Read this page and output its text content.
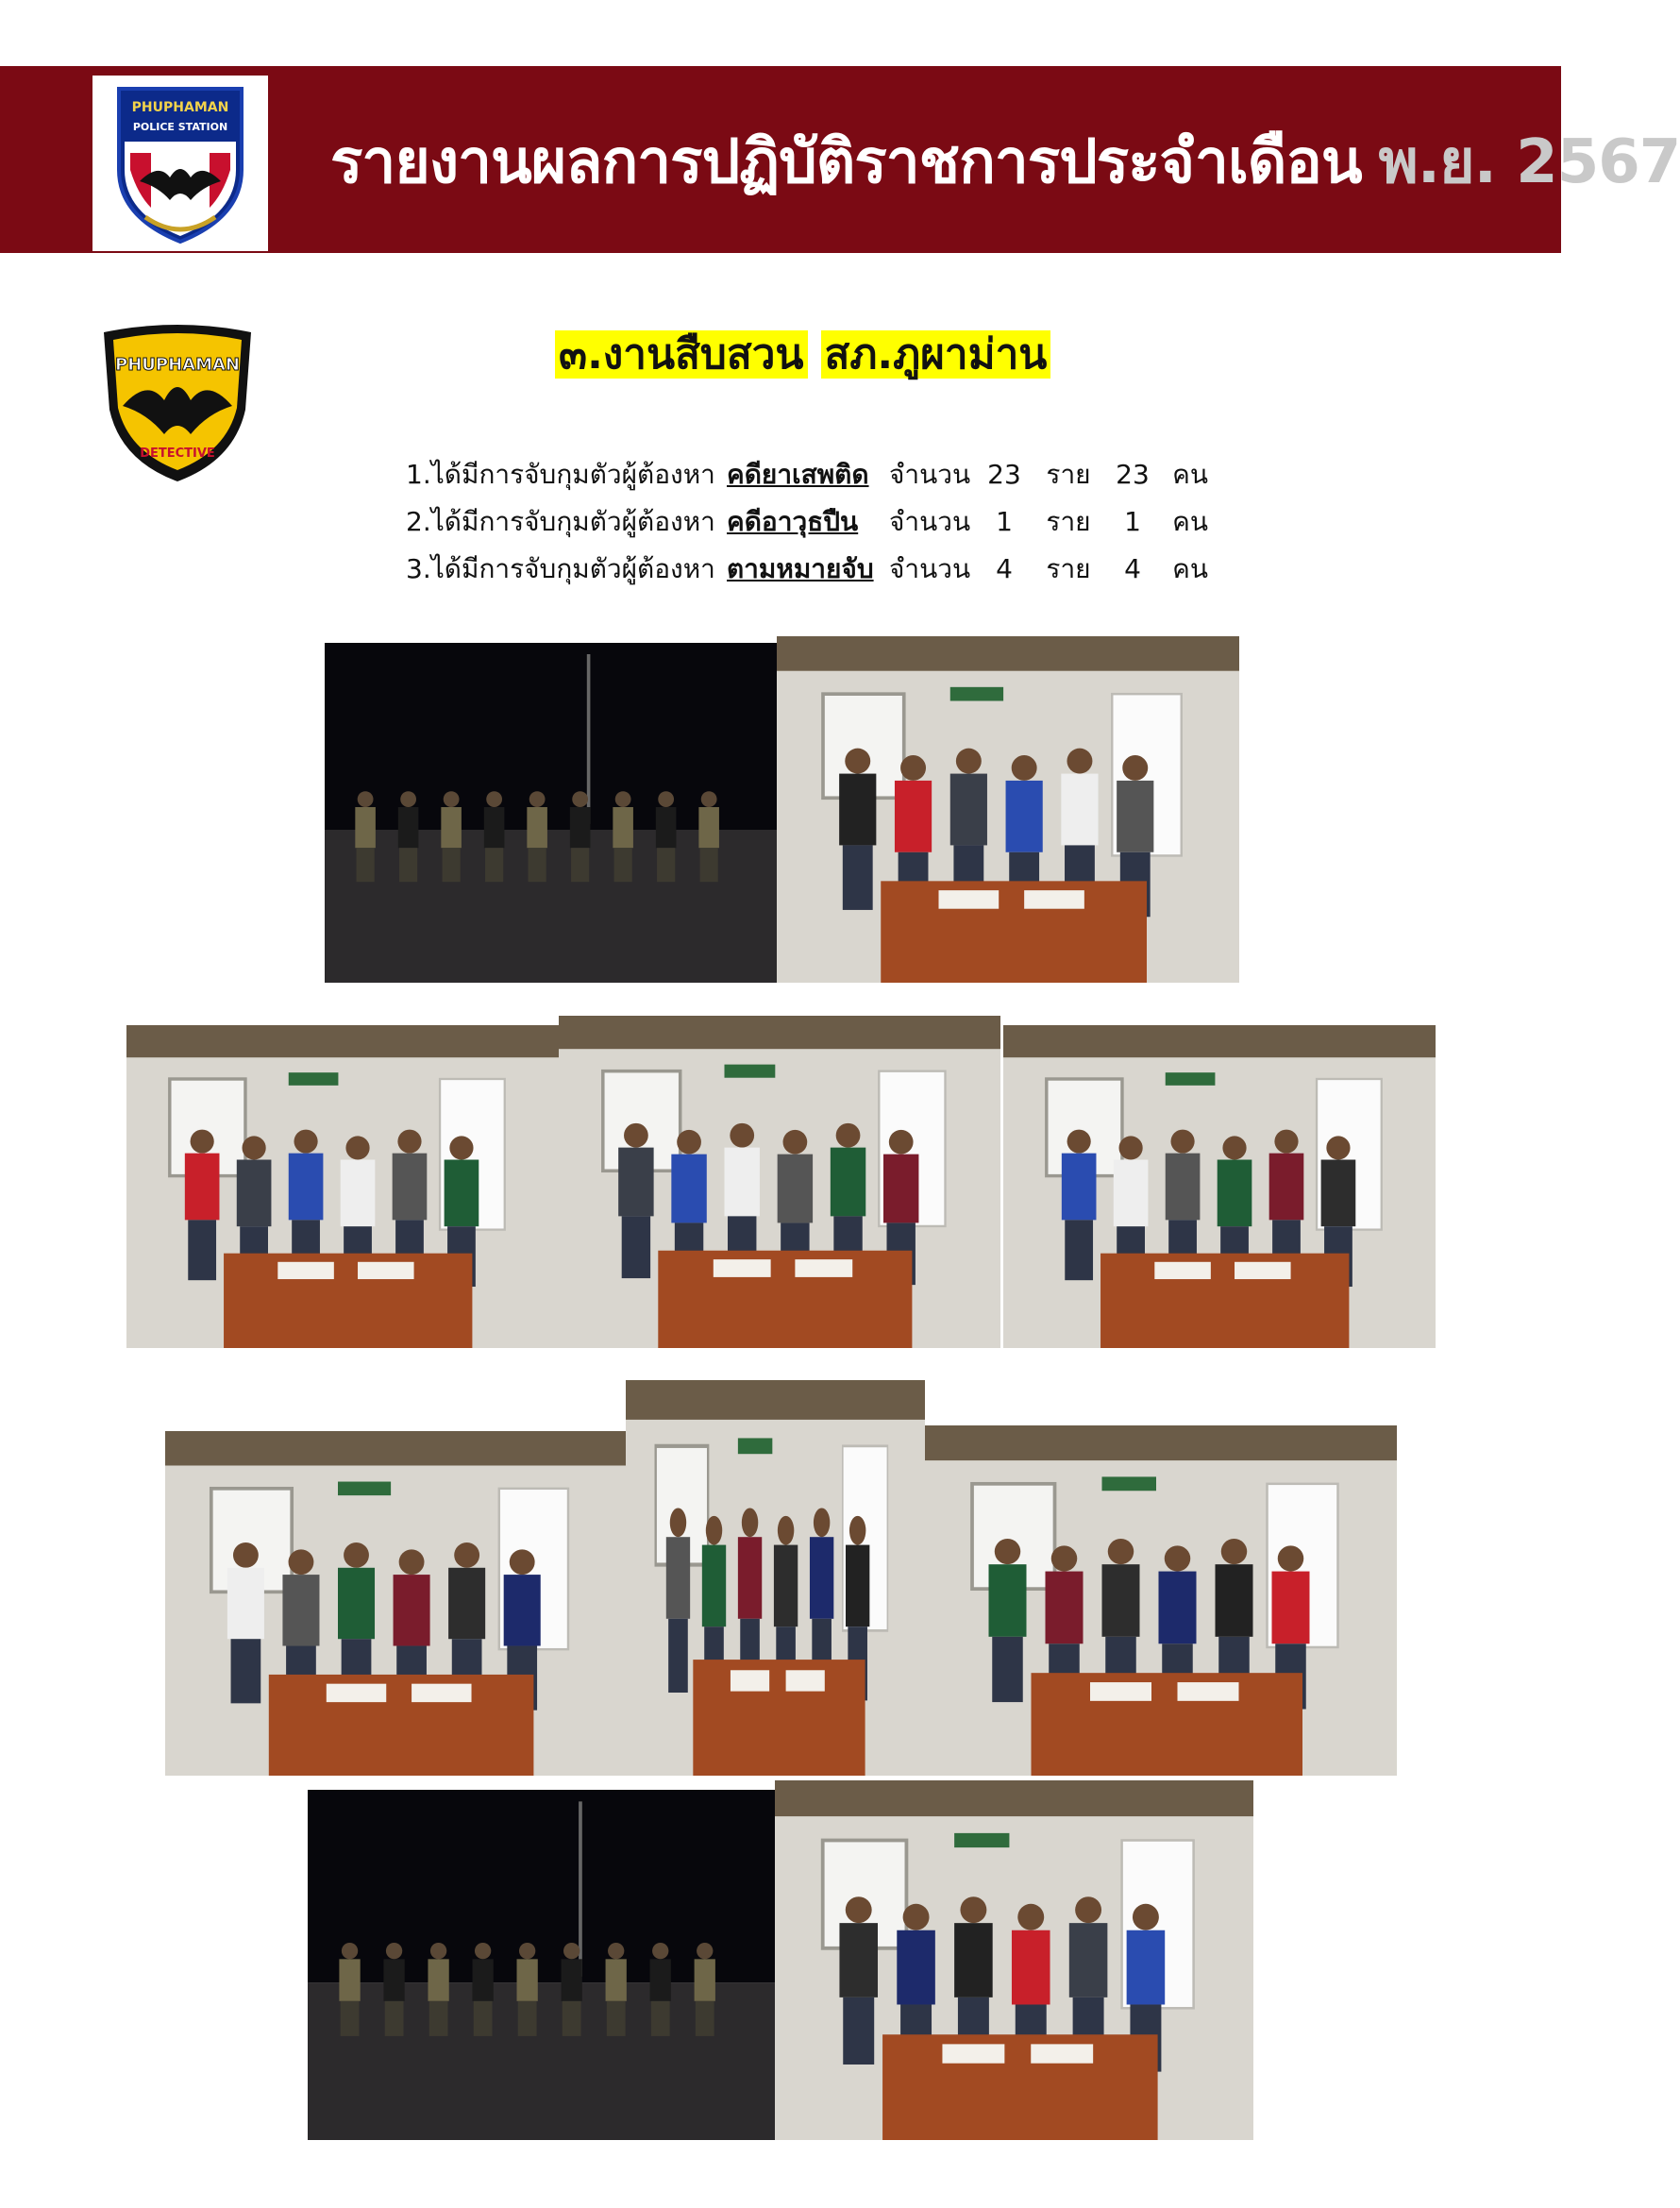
PHUPHAMAN
POLICE STATION
รายงานผลการปฏิบัติราชการประจำเดือน พ.ย. 2567
PHUPHAMAN
DETECTIVE
๓.งานสืบสวน สภ.ภูผาม่าน
1.ได้มีการจับกุมตัวผู้ต้องหา คดียาเสพติด จำนวน 23 ราย 23 คน
2.ได้มีการจับกุมตัวผู้ต้องหา คดีอาวุธปืน	จำนวน 1	ราย	1	คน
3.ได้มีการจับกุมตัวผู้ต้องหา ตามหมายจับ จำนวน 4	ราย	4	คน
